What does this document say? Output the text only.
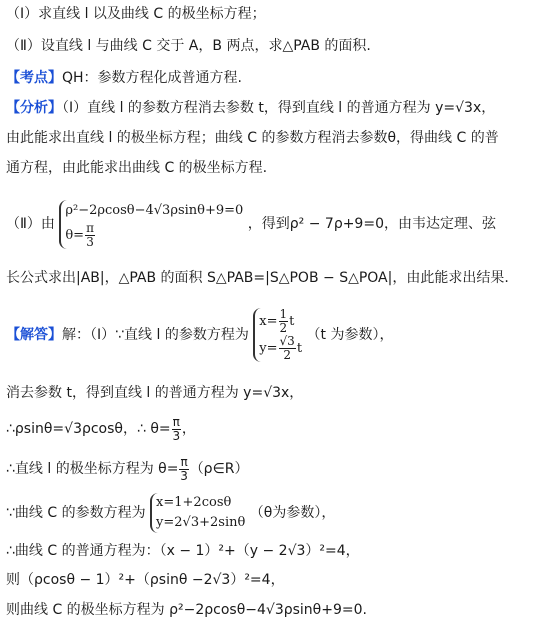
（Ⅰ）求直线 l 以及曲线 C 的极坐标方程；
（Ⅱ）设直线 l 与曲线 C 交于 A，B 两点，求△PAB 的面积.
【考点】QH：参数方程化成普通方程.
【分析】（Ⅰ）直线 l 的参数方程消去参数 t，得到直线 l 的普通方程为 y=√3x，
由此能求出直线 l 的极坐标方程；曲线 C 的参数方程消去参数θ，得曲线 C 的普
通方程，由此能求出曲线 C 的极坐标方程.
（Ⅱ）由
ρ²−2ρcosθ−4√3ρsinθ+9=0
$\theta= \frac{\pi}{3}$	，得到ρ² − 7ρ+9=0，由韦达定理、弦
长公式求出|AB|，△PAB 的面积 S△PAB=|S△POB − S△POA|，由此能求出结果.
【解答】解：（Ⅰ）∵直线 l 的参数方程为
$x= \frac{1}{2}$ t
$y= \frac{√3}{2}$ t
（t 为参数），
消去参数 t，得到直线 l 的普通方程为 y=√3x，
∴ρsinθ=√3ρcosθ，∴ $\theta= \frac{\pi}{3}$ ，
∴直线 l 的极坐标方程为 $\theta= \frac{\pi}{3}$ （ρ∈R）
∵曲线 C 的参数方程为
x=1+2cosθ
y=2√3+2sinθ
（θ为参数），
∴曲线 C 的普通方程为：（x − 1）²+（y − 2√3）²=4，
则（ρcosθ − 1）²+（ρsinθ −2√3）²=4，
则曲线 C 的极坐标方程为 ρ²−2ρcosθ−4√3ρsinθ+9=0.
